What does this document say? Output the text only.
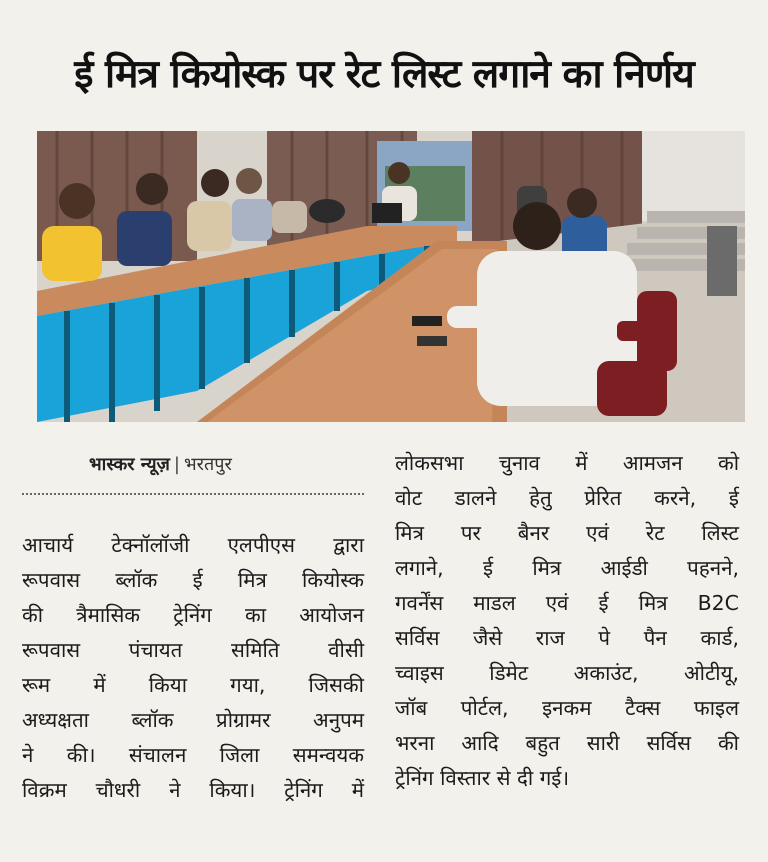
ई मित्र कियोस्क पर रेट लिस्ट लगाने का निर्णय
भास्कर न्यूज़ | भरतपुर
आचार्य टेक्नॉलॉजी एलपीएस द्वारा
रूपवास ब्लॉक ई मित्र कियोस्क
की त्रैमासिक ट्रेनिंग का आयोजन
रूपवास पंचायत समिति वीसी
रूम में किया गया, जिसकी
अध्यक्षता ब्लॉक प्रोग्रामर अनुपम
ने की। संचालन जिला समन्वयक
विक्रम चौधरी ने किया। ट्रेनिंग में
लोकसभा चुनाव में आमजन को
वोट डालने हेतु प्रेरित करने, ई
मित्र पर बैनर एवं रेट लिस्ट
लगाने, ई मित्र आईडी पहनने,
गवर्नेंस माडल एवं ई मित्र B2C
सर्विस जैसे राज पे पैन कार्ड,
च्वाइस डिमेट अकाउंट, ओटीयू,
जॉब पोर्टल, इनकम टैक्स फाइल
भरना आदि बहुत सारी सर्विस की
ट्रेनिंग विस्तार से दी गई।
